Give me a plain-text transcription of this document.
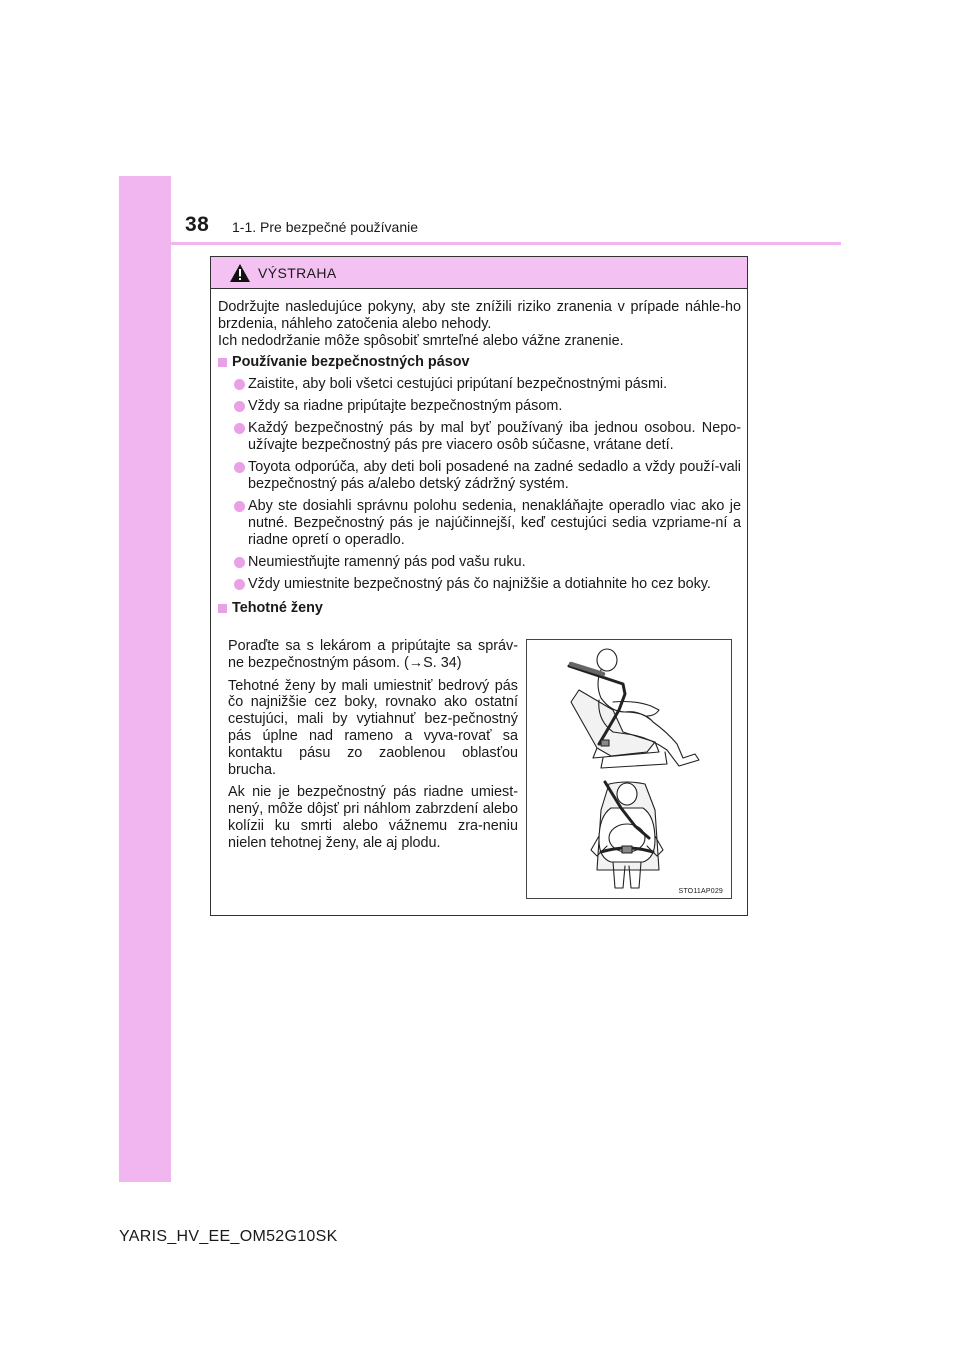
38 1-1. Pre bezpečné používanie
VÝSTRAHA

Dodržujte nasledujúce pokyny, aby ste znížili riziko zranenia v prípade náhle-ho brzdenia, náhleho zatočenia alebo nehody.

Ich nedodržanie môže spôsobiť smrteľné alebo vážne zranenie.

Používanie bezpečnostných pásov
Zaistite, aby boli všetci cestujúci pripútaní bezpečnostnými pásmi.
Vždy sa riadne pripútajte bezpečnostným pásom.
Každý bezpečnostný pás by mal byť používaný iba jednou osobou. Nepo-užívajte bezpečnostný pás pre viacero osôb súčasne, vrátane detí.
Toyota odporúča, aby deti boli posadené na zadné sedadlo a vždy použí-vali bezpečnostný pás a/alebo detský zádržný systém.
Aby ste dosiahli správnu polohu sedenia, nenakláňajte operadlo viac ako je nutné. Bezpečnostný pás je najúčinnejší, keď cestujúci sedia vzpriame-ní a riadne opretí o operadlo.
Neumiestňujte ramenný pás pod vašu ruku.
Vždy umiestnite bezpečnostný pás čo najnižšie a dotiahnite ho cez boky.
Tehotné ženy

Poraďte sa s lekárom a pripútajte sa správ-ne bezpečnostným pásom. (→S. 34)

Tehotné ženy by mali umiestniť bedrový pás čo najnižšie cez boky, rovnako ako ostatní cestujúci, mali by vytiahnuť bez-pečnostný pás úplne nad rameno a vyva-rovať sa kontaktu pásu zo zaoblenou oblasťou brucha.

Ak nie je bezpečnostný pás riadne umiest-nený, môže dôjsť pri náhlom zabrzdení alebo kolízii ku smrti alebo vážnemu zra-neniu nielen tehotnej ženy, ale aj plodu.

STO11AP029
YARIS_HV_EE_OM52G10SK
